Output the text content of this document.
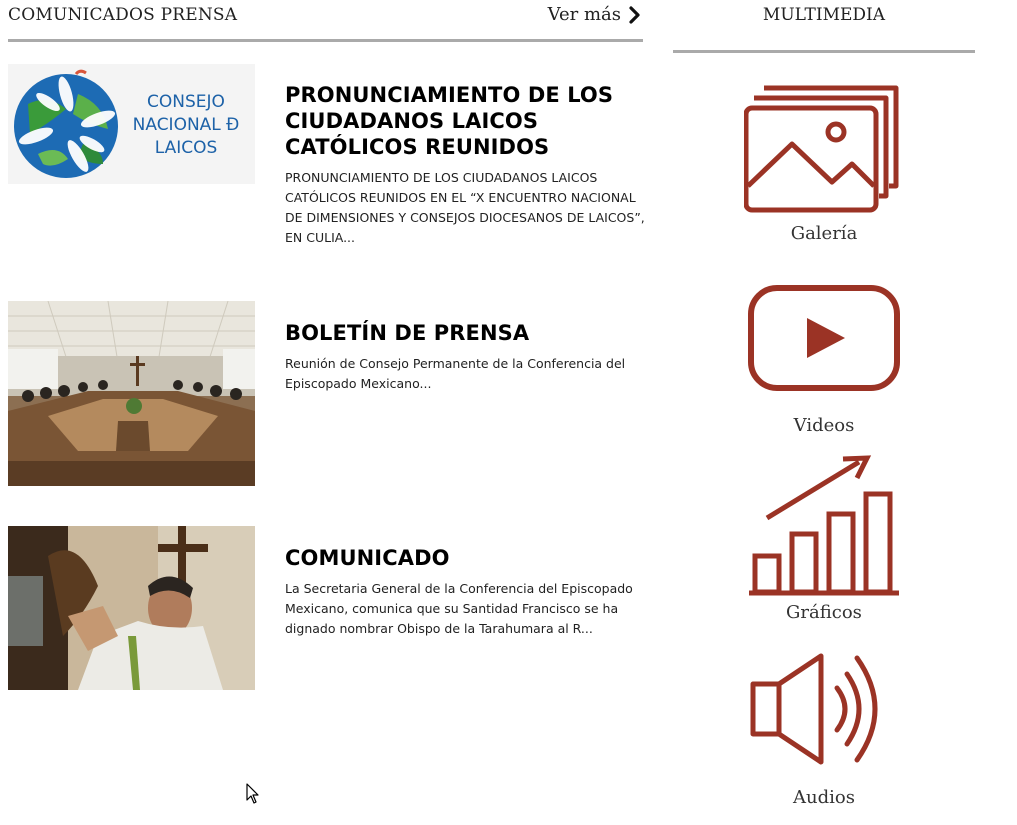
COMUNICADOS PRENSA	Ver más	MULTIMEDIA
CONSEJO
NACIONAL Ð
LAICOS
PRONUNCIAMIENTO DE LOS CIUDADANOS LAICOS CATÓLICOS REUNIDOS

PRONUNCIAMIENTO DE LOS CIUDADANOS LAICOS CATÓLICOS REUNIDOS EN EL “X ENCUENTRO NACIONAL DE DIMENSIONES Y CONSEJOS DIOCESANOS DE LAICOS”, EN CULIA...

BOLETÍN DE PRENSA

Reunión de Consejo Permanente de la Conferencia del Episcopado Mexicano...

COMUNICADO

La Secretaria General de la Conferencia del Episcopado Mexicano, comunica que su Santidad Francisco se ha dignado nombrar Obispo de la Tarahumara al R...

Galería
Videos
Gráficos
Audios
